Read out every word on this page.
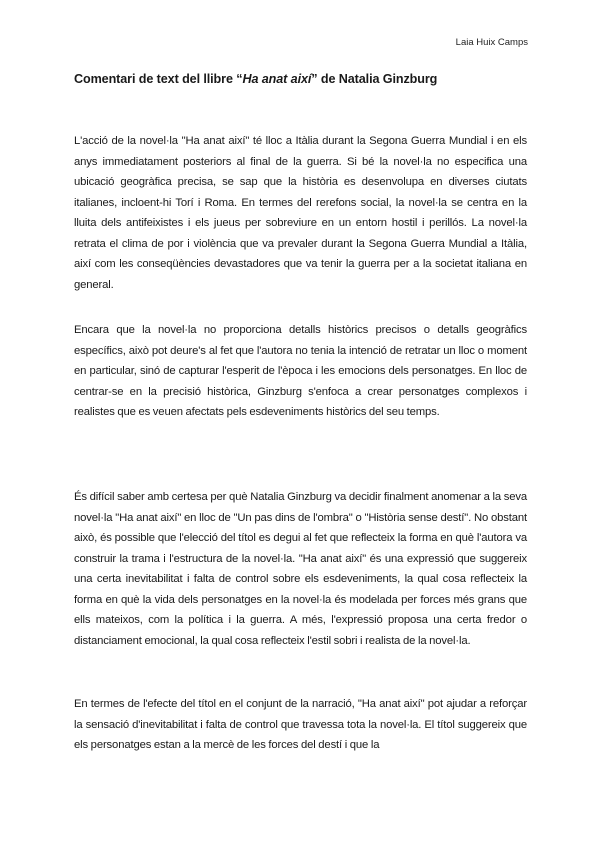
Laia Huix Camps
Comentari de text del llibre “Ha anat així” de Natalia Ginzburg

L'acció de la novel·la "Ha anat així" té lloc a Itàlia durant la Segona Guerra Mundial i en els anys immediatament posteriors al final de la guerra. Si bé la novel·la no especifica una ubicació geogràfica precisa, se sap que la història es desenvolupa en diverses ciutats italianes, incloent-hi Torí i Roma. En termes del rerefons social, la novel·la se centra en la lluita dels antifeixistes i els jueus per sobreviure en un entorn hostil i perillós. La novel·la retrata el clima de por i violència que va prevaler durant la Segona Guerra Mundial a Itàlia, així com les conseqüències devastadores que va tenir la guerra per a la societat italiana en general.

Encara que la novel·la no proporciona detalls històrics precisos o detalls geogràfics específics, això pot deure's al fet que l'autora no tenia la intenció de retratar un lloc o moment en particular, sinó de capturar l'esperit de l'època i les emocions dels personatges. En lloc de centrar-se en la precisió històrica, Ginzburg s'enfoca a crear personatges complexos i realistes que es veuen afectats pels esdeveniments històrics del seu temps.

És difícil saber amb certesa per què Natalia Ginzburg va decidir finalment anomenar a la seva novel·la "Ha anat així" en lloc de "Un pas dins de l'ombra" o "Història sense destí". No obstant això, és possible que l'elecció del títol es degui al fet que reflecteix la forma en què l'autora va construir la trama i l'estructura de la novel·la. "Ha anat així" és una expressió que suggereix una certa inevitabilitat i falta de control sobre els esdeveniments, la qual cosa reflecteix la forma en què la vida dels personatges en la novel·la és modelada per forces més grans que ells mateixos, com la política i la guerra. A més, l'expressió proposa una certa fredor o distanciament emocional, la qual cosa reflecteix l'estil sobri i realista de la novel·la.

En termes de l'efecte del títol en el conjunt de la narració, "Ha anat així" pot ajudar a reforçar la sensació d'inevitabilitat i falta de control que travessa tota la novel·la. El títol suggereix que els personatges estan a la mercè de les forces del destí i que la
